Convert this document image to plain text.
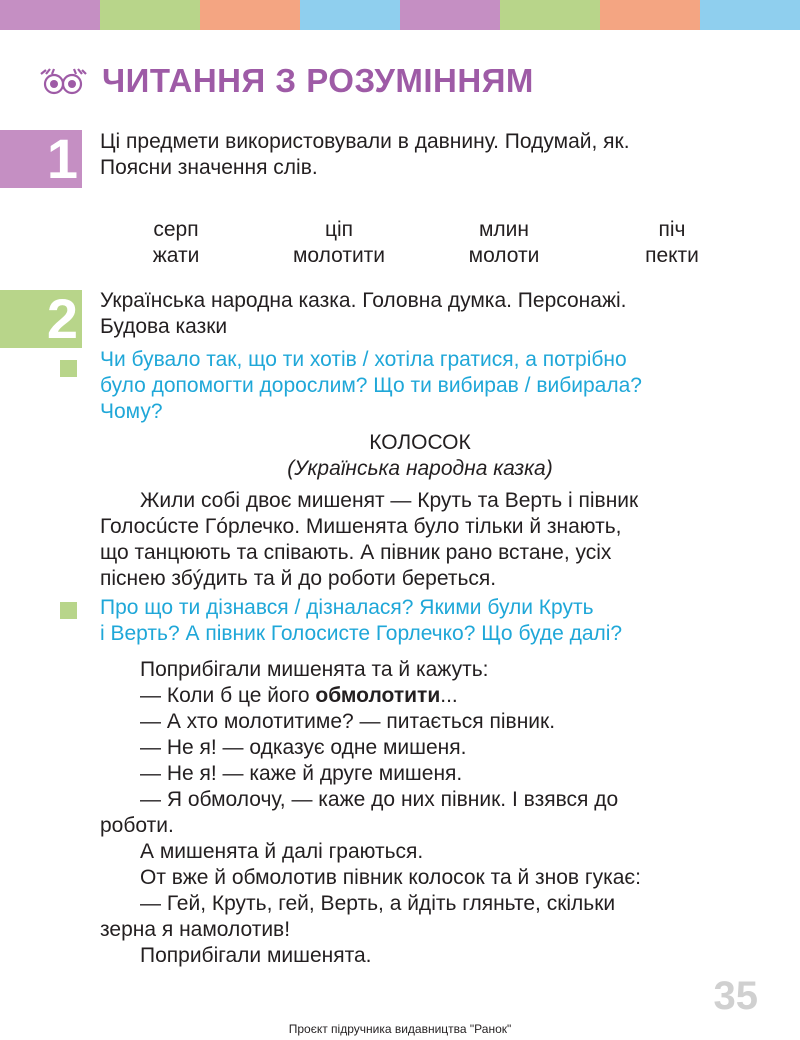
ЧИТАННЯ З РОЗУМІННЯМ
1 Ці предмети використовували в давнину. Подумай, як.
Поясни значення слів.
серп
жати
ціп
молотити
млин
молоти
піч
пекти
2 Українська народна казка. Головна думка. Персонажі.
Будова казки
Чи бувало так, що ти хотів / хотіла гратися, а потрібно
було допомогти дорослим? Що ти вибирав / вибирала?
Чому?
КОЛОСОК
(Українська народна казка)
Жили собі двоє мишенят — Круть та Верть і півник
Голосúсте Гóрлечко. Мишенята було тільки й знають,
що танцюють та співають. А півник рано встане, усіх
піснею збýдить та й до роботи береться.
Про що ти дізнався / дізналася? Якими були Круть
і Верть? А півник Голосисте Горлечко? Що буде далі?
Поприбігали мишенята та й кажуть:
— Коли б це його обмолотити...
— А хто молотитиме? — питається півник.
— Не я! — одказує одне мишеня.
— Не я! — каже й друге мишеня.
— Я обмолочу, — каже до них півник. І взявся до
роботи.
А мишенята й далі граються.
От вже й обмолотив півник колосок та й знов гукає:
— Гей, Круть, гей, Верть, а йдіть гляньте, скільки
зерна я намолотив!
Поприбігали мишенята.
35
Проєкт підручника видавництва "Ранок"
